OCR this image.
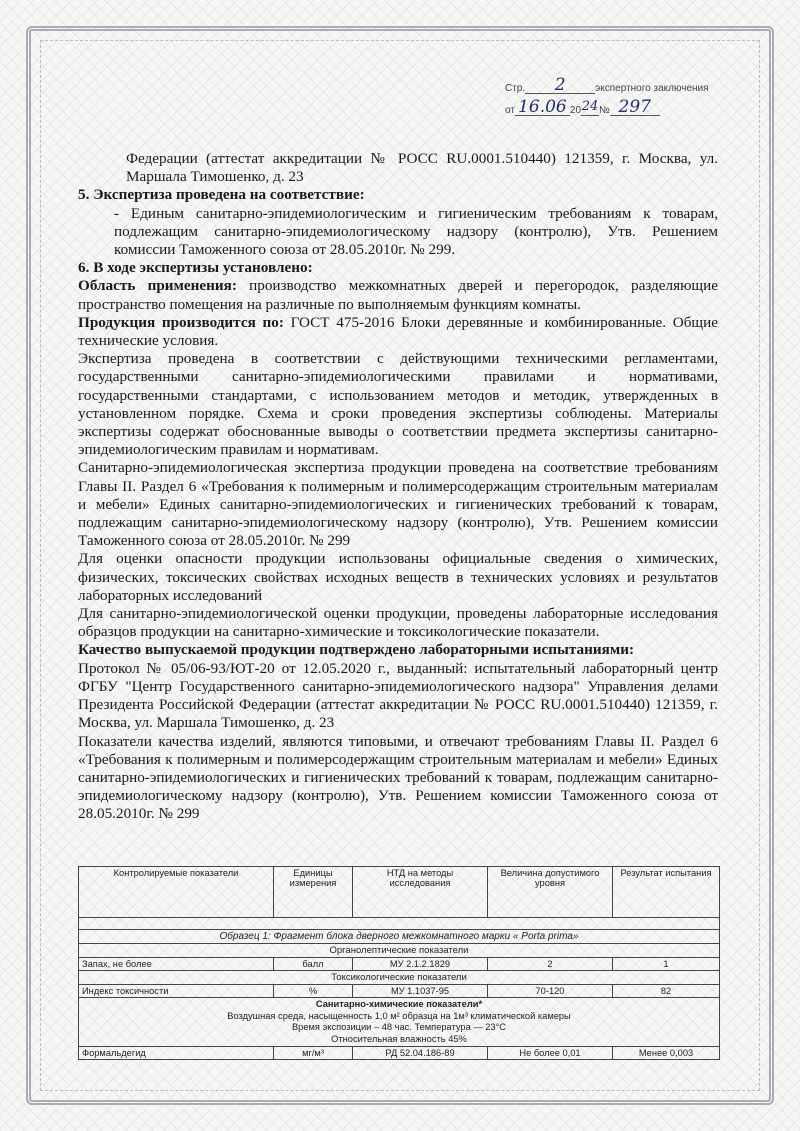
Стр.	2	экспертного заключения
от 16.06 20 24 № 297

Федерации (аттестат аккредитации № РОСС RU.0001.510440) 121359, г. Москва, ул. Маршала Тимошенко, д. 23

5. Экспертиза проведена на соответствие:

- Единым санитарно-эпидемиологическим и гигиеническим требованиям к товарам, подлежащим санитарно-эпидемиологическому надзору (контролю), Утв. Решением комиссии Таможенного союза от 28.05.2010г. № 299.

6. В ходе экспертизы установлено:

Область применения: производство межкомнатных дверей и перегородок, разделяющие пространство помещения на различные по выполняемым функциям комнаты.

Продукция производится по: ГОСТ 475-2016 Блоки деревянные и комбинированные. Общие технические условия.

Экспертиза проведена в соответствии с действующими техническими регламентами, государственными санитарно-эпидемиологическими правилами и нормативами, государственными стандартами, с использованием методов и методик, утвержденных в установленном порядке. Схема и сроки проведения экспертизы соблюдены. Материалы экспертизы содержат обоснованные выводы о соответствии предмета экспертизы санитарно-эпидемиологическим правилам и нормативам.

Санитарно-эпидемиологическая экспертиза продукции проведена на соответствие требованиям Главы II. Раздел 6 «Требования к полимерным и полимерсодержащим строительным материалам и мебели» Единых санитарно-эпидемиологических и гигиенических требований к товарам, подлежащим санитарно-эпидемиологическому надзору (контролю), Утв. Решением комиссии Таможенного союза от 28.05.2010г. № 299

Для оценки опасности продукции использованы официальные сведения о химических, физических, токсических свойствах исходных веществ в технических условиях и результатов лабораторных исследований

Для санитарно-эпидемиологической оценки продукции, проведены лабораторные исследования образцов продукции на санитарно-химические и токсикологические показатели.

Качество выпускаемой продукции подтверждено лабораторными испытаниями:

Протокол № 05/06-93/ЮТ-20 от 12.05.2020 г., выданный: испытательный лабораторный центр ФГБУ "Центр Государственного санитарно-эпидемиологического надзора" Управления делами Президента Российской Федерации (аттестат аккредитации № РОСС RU.0001.510440) 121359, г. Москва, ул. Маршала Тимошенко, д. 23

Показатели качества изделий, являются типовыми, и отвечают требованиям Главы II. Раздел 6 «Требования к полимерным и полимерсодержащим строительным материалам и мебели» Единых санитарно-эпидемиологических и гигиенических требований к товарам, подлежащим санитарно-эпидемиологическому надзору (контролю), Утв. Решением комиссии Таможенного союза от 28.05.2010г. № 299

Контролируемые показатели	Единицы измерения	НТД на методы исследования	Величина допустимого уровня	Результат испытания

Образец 1: Фрагмент блока дверного межкомнатного марки « Porta prima»				
Органолептические показатели				
Запах, не более	балл	МУ 2.1.2.1829	2	1
Токсикологические показатели				
Индекс токсичности	%	МУ 1.1037-95	70-120	82

Санитарно-химические показатели*
Воздушная среда, насыщенность 1,0 м² образца на 1м³ климатической камеры
Время экспозиции – 48 час. Температура — 23°С
Относительная влажность 45%				

Формальдегид	мг/м³	РД 52.04.186-89	Не более 0,01	Менее 0,003
